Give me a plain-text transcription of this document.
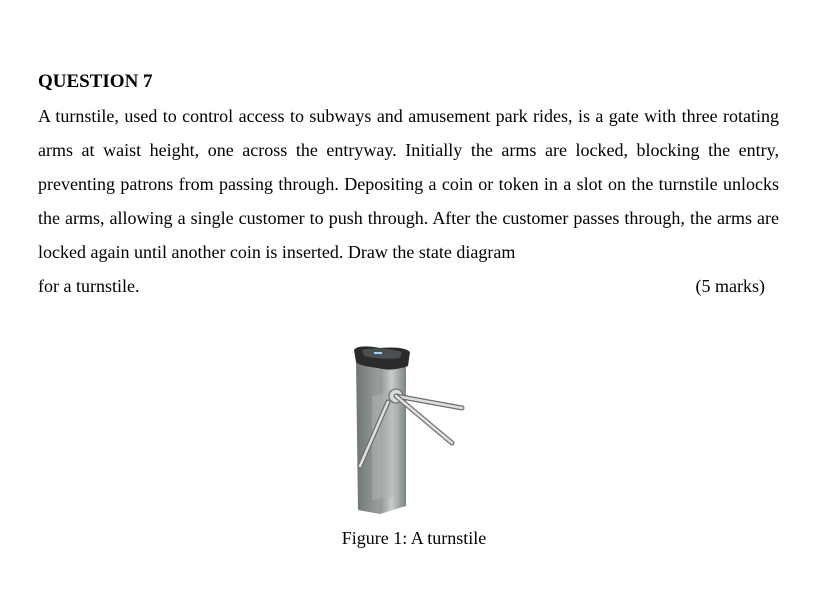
QUESTION 7

A turnstile, used to control access to subways and amusement park rides, is a gate with three rotating arms at waist height, one across the entryway. Initially the arms are locked, blocking the entry, preventing patrons from passing through. Depositing a coin or token in a slot on the turnstile unlocks the arms, allowing a single customer to push through. After the customer passes through, the arms are locked again until another coin is inserted. Draw the state diagram

for a turnstile.	(5 marks)
Figure 1: A turnstile
